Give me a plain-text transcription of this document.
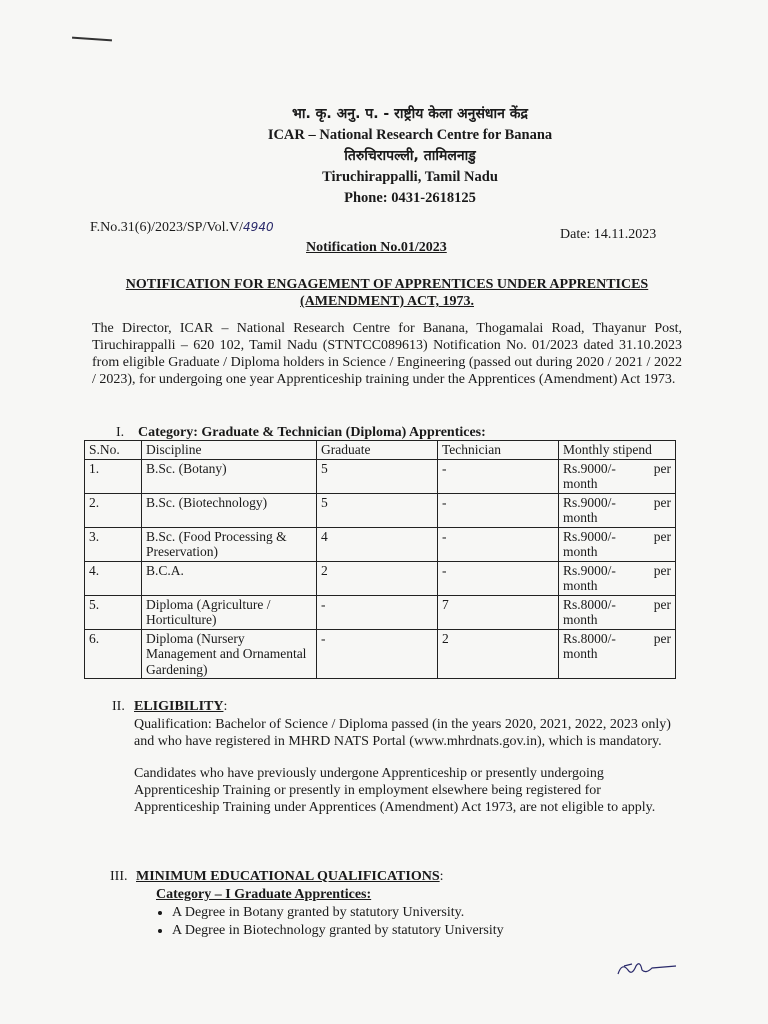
भा. कृ. अनु. प. - राष्ट्रीय केला अनुसंधान केंद्र
ICAR – National Research Centre for Banana
तिरुचिरापल्ली, तामिलनाडु
Tiruchirappalli, Tamil Nadu
Phone: 0431-2618125
F.No.31(6)/2023/SP/Vol.V/4940	Date: 14.11.2023
Notification No.01/2023
NOTIFICATION FOR ENGAGEMENT OF APPRENTICES UNDER APPRENTICES
(AMENDMENT) ACT, 1973.
The Director, ICAR – National Research Centre for Banana, Thogamalai Road, Thayanur Post, Tiruchirappalli – 620 102, Tamil Nadu (STNTCC089613) Notification No. 01/2023 dated 31.10.2023 from eligible Graduate / Diploma holders in Science / Engineering (passed out during 2020 / 2021 / 2022 / 2023), for undergoing one year Apprenticeship training under the Apprentices (Amendment) Act 1973.
I. Category: Graduate & Technician (Diploma) Apprentices:
S.No.	Discipline	Graduate	Technician	Monthly stipend
1.	B.Sc. (Botany)	5	-	Rs.9000/- per
month

2.	B.Sc. (Biotechnology)	5	-	Rs.9000/- per
month

3.	B.Sc. (Food Processing & Preservation)	4	-	Rs.9000/- per
month

4.	B.C.A.	2	-	Rs.9000/- per
month

5.	Diploma (Agriculture / Horticulture)	-	7	Rs.8000/- per
month

6.	Diploma (Nursery Management and Ornamental Gardening)	-	2	Rs.8000/- per
month
II. ELIGIBILITY:

Qualification: Bachelor of Science / Diploma passed (in the years 2020, 2021, 2022, 2023 only) and who have registered in MHRD NATS Portal (www.mhrdnats.gov.in), which is mandatory.

Candidates who have previously undergone Apprenticeship or presently undergoing Apprenticeship Training or presently in employment elsewhere being registered for Apprenticeship Training under Apprentices (Amendment) Act 1973, are not eligible to apply.

III. MINIMUM EDUCATIONAL QUALIFICATIONS:
Category – I Graduate Apprentices:
• A Degree in Botany granted by statutory University.
• A Degree in Biotechnology granted by statutory University
